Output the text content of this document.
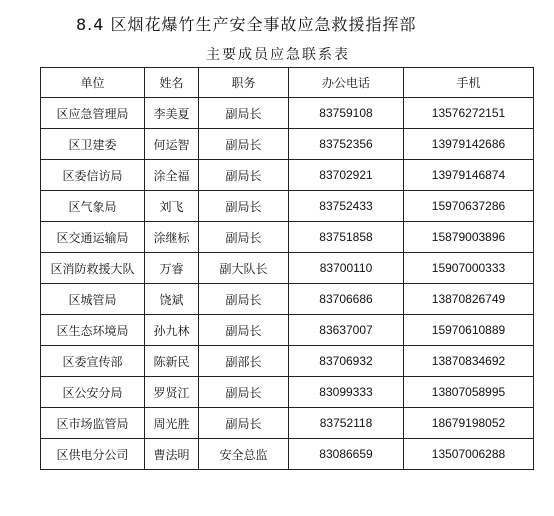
8.4 区烟花爆竹生产安全事故应急救援指挥部
主要成员应急联系表
单位	姓名	职务	办公电话	手机
区应急管理局	李美夏	副局长	83759108	13576272151
区卫建委	何运智	副局长	83752356	13979142686
区委信访局	涂全福	副局长	83702921	13979146874
区气象局	刘飞	副局长	83752433	15970637286
区交通运输局	涂继标	副局长	83751858	15879003896
区消防救援大队	万睿	副大队长	83700110	15907000333
区城管局	饶斌	副局长	83706686	13870826749
区生态环境局	孙九林	副局长	83637007	15970610889
区委宣传部	陈新民	副部长	83706932	13870834692
区公安分局	罗贤江	副局长	83099333	13807058995
区市场监管局	周光胜	副局长	83752118	18679198052
区供电分公司	曹法明	安全总监	83086659	13507006288
